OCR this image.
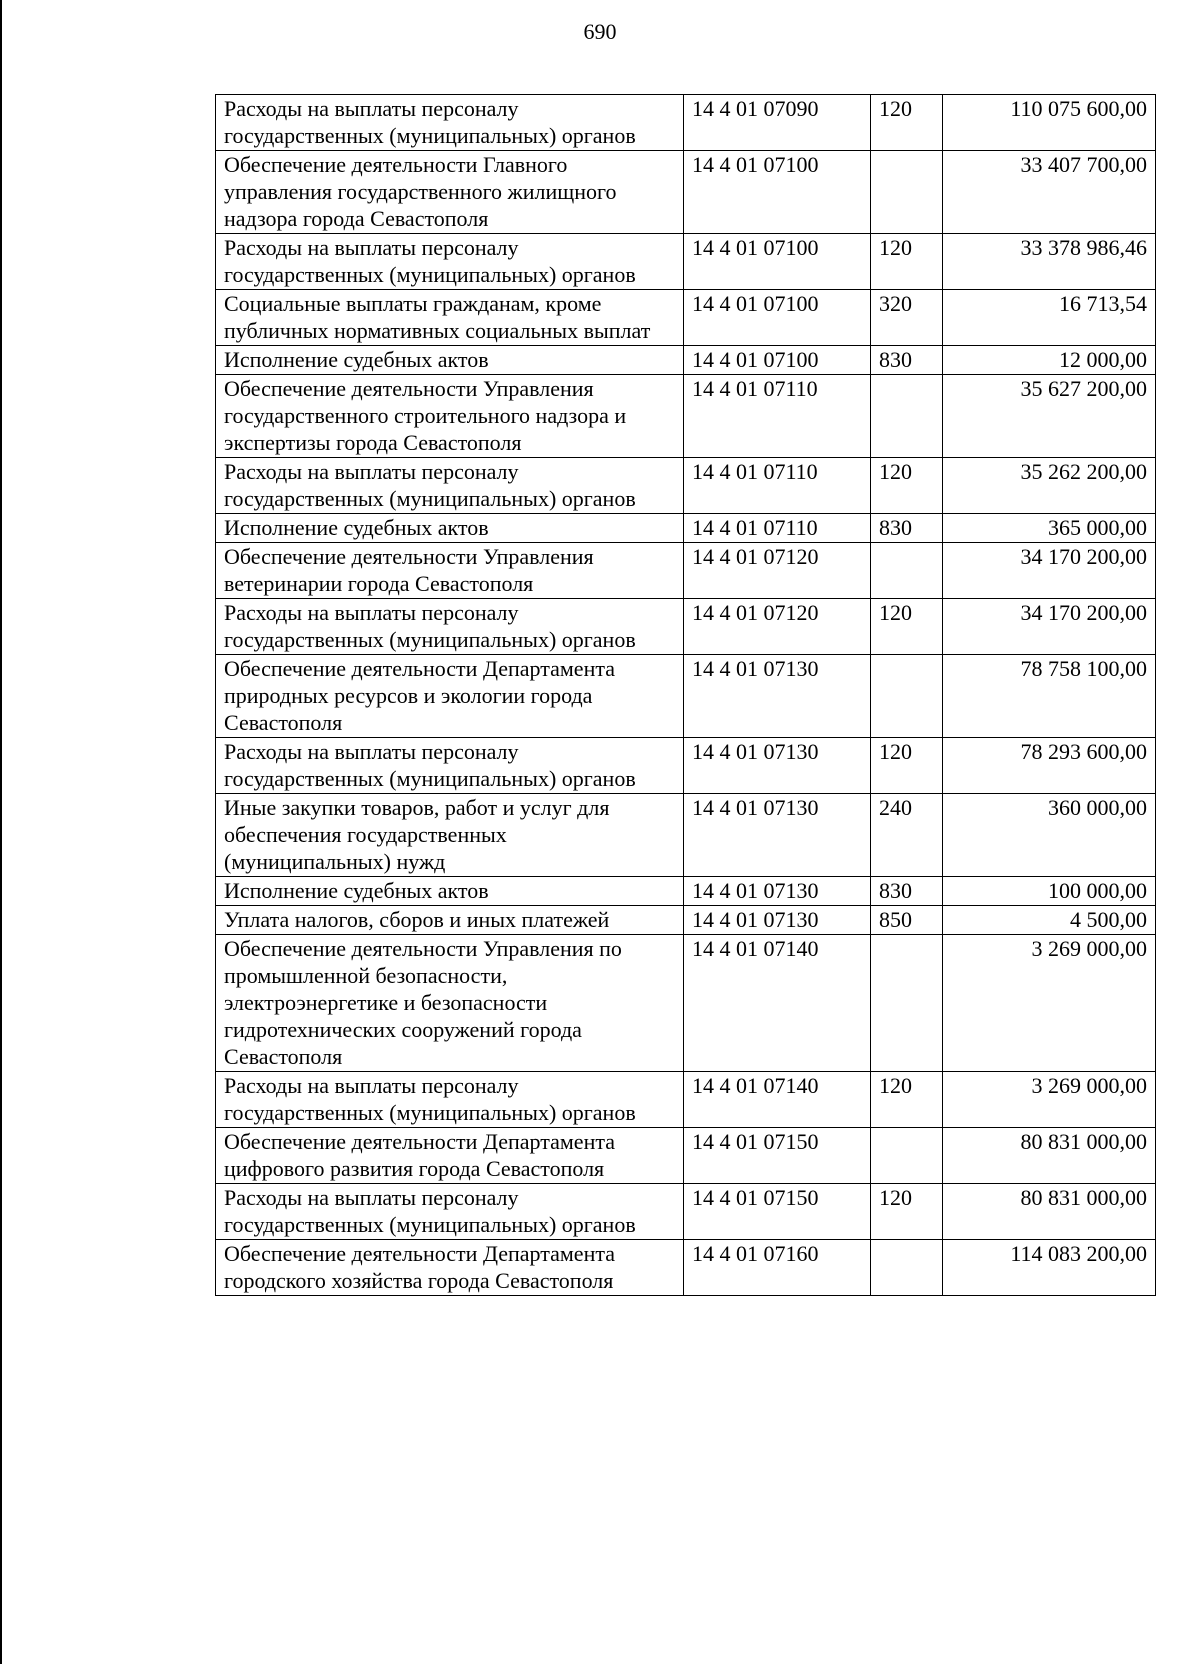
690
Расходы на выплаты персоналу государственных (муниципальных) органов	14 4 01 07090	120	110 075 600,00
Обеспечение деятельности Главного управления государственного жилищного надзора города Севастополя	14 4 01 07100		33 407 700,00
Расходы на выплаты персоналу государственных (муниципальных) органов	14 4 01 07100	120	33 378 986,46
Социальные выплаты гражданам, кроме публичных нормативных социальных выплат	14 4 01 07100	320	16 713,54
Исполнение судебных актов	14 4 01 07100	830	12 000,00
Обеспечение деятельности Управления государственного строительного надзора и экспертизы города Севастополя	14 4 01 07110		35 627 200,00
Расходы на выплаты персоналу государственных (муниципальных) органов	14 4 01 07110	120	35 262 200,00
Исполнение судебных актов	14 4 01 07110	830	365 000,00
Обеспечение деятельности Управления ветеринарии города Севастополя	14 4 01 07120		34 170 200,00
Расходы на выплаты персоналу государственных (муниципальных) органов	14 4 01 07120	120	34 170 200,00
Обеспечение деятельности Департамента природных ресурсов и экологии города Севастополя	14 4 01 07130		78 758 100,00
Расходы на выплаты персоналу государственных (муниципальных) органов	14 4 01 07130	120	78 293 600,00
Иные закупки товаров, работ и услуг для обеспечения государственных (муниципальных) нужд	14 4 01 07130	240	360 000,00
Исполнение судебных актов	14 4 01 07130	830	100 000,00
Уплата налогов, сборов и иных платежей	14 4 01 07130	850	4 500,00
Обеспечение деятельности Управления по промышленной безопасности, электроэнергетике и безопасности гидротехнических сооружений города Севастополя	14 4 01 07140		3 269 000,00
Расходы на выплаты персоналу государственных (муниципальных) органов	14 4 01 07140	120	3 269 000,00
Обеспечение деятельности Департамента цифрового развития города Севастополя	14 4 01 07150		80 831 000,00
Расходы на выплаты персоналу государственных (муниципальных) органов	14 4 01 07150	120	80 831 000,00
Обеспечение деятельности Департамента городского хозяйства города Севастополя	14 4 01 07160		114 083 200,00
